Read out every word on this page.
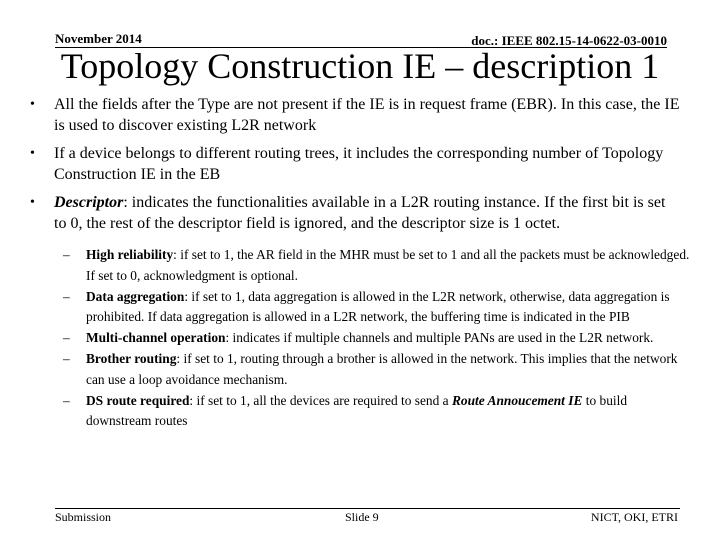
November 2014	doc.: IEEE 802.15-14-0622-03-0010
Topology Construction IE – description 1
• All the fields after the Type are not present if the IE is in request frame (EBR). In this case, the IE is used to discover existing L2R network
• If a device belongs to different routing trees, it includes the corresponding number of Topology Construction IE in the EB
• Descriptor: indicates the functionalities available in a L2R routing instance. If the first bit is set to 0, the rest of the descriptor field is ignored, and the descriptor size is 1 octet.
– High reliability: if set to 1, the AR field in the MHR must be set to 1 and all the packets must be acknowledged. If set to 0, acknowledgment is optional.
– Data aggregation: if set to 1, data aggregation is allowed in the L2R network, otherwise, data aggregation is prohibited. If data aggregation is allowed in a L2R network, the buffering time is indicated in the PIB
– Multi-channel operation: indicates if multiple channels and multiple PANs are used in the L2R network.
– Brother routing: if set to 1, routing through a brother is allowed in the network. This implies that the network can use a loop avoidance mechanism.
– DS route required: if set to 1, all the devices are required to send a Route Annoucement IE to build downstream routes
Submission	Slide 9	NICT, OKI, ETRI
